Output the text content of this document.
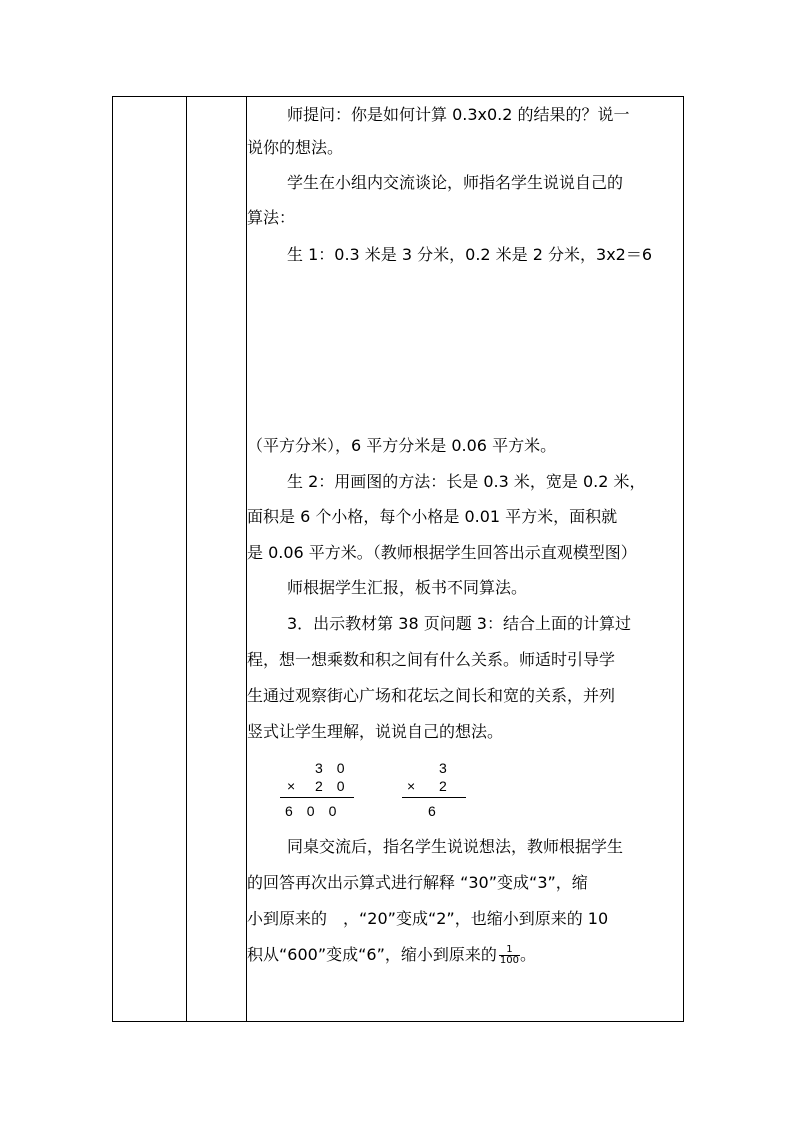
师提问：你是如何计算 0.3x0.2 的结果的？说一
说你的想法。
学生在小组内交流谈论，师指名学生说说自己的
算法：
生 1：0.3 米是 3 分米，0.2 米是 2 分米，3x2＝6
（平方分米），6 平方分米是 0.06 平方米。
生 2：用画图的方法：长是 0.3 米，宽是 0.2 米，
面积是 6 个小格，每个小格是 0.01 平方米，面积就
是 0.06 平方米。（教师根据学生回答出示直观模型图）
师根据学生汇报，板书不同算法。
3．出示教材第 38 页问题 3：结合上面的计算过
程，想一想乘数和积之间有什么关系。师适时引导学
生通过观察街心广场和花坛之间长和宽的关系，并列
竖式让学生理解，说说自己的想法。
同桌交流后，指名学生说说想法，教师根据学生
的回答再次出示算式进行解释 “30”变成“3”，缩
小到原来的　，“20”变成“2”，也缩小到原来的 10
积从“600”变成“6”，缩小到原来的 $\frac{1}{100}$ 。
3　0
× 2　0
6　0　0
3
× 2
6
